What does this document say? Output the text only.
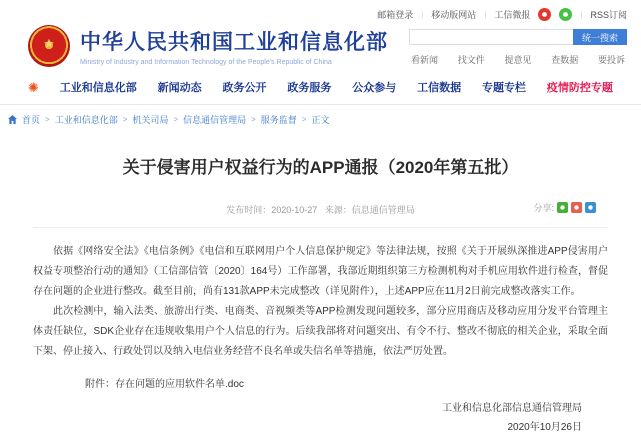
邮箱登录 | 移动版网站 | 工信微报	| RSS订阅
★ 中华人民共和国工业和信息化部
Ministry of Industry and Information Technology of the People's Republic of China
统一搜索
看新闻 找文件 提意见 查数据 要投诉
✺ 工业和信息化部 新闻动态 政务公开 政务服务 公众参与 工信数据 专题专栏 疫情防控专题
首页 > 工业和信息化部 > 机关司局 > 信息通信管理局 > 服务监督 > 正文
关于侵害用户权益行为的APP通报（2020年第五批）
发布时间：2020-10-27 来源：信息通信管理局	分享:

依据《网络安全法》《电信条例》《电信和互联网用户个人信息保护规定》等法律法规，按照《关于开展纵深推进APP侵害用户权益专项整治行动的通知》（工信部信管〔2020〕164号）工作部署，我部近期组织第三方检测机构对手机应用软件进行检查，督促存在问题的企业进行整改。截至目前，尚有131款APP未完成整改（详见附件），上述APP应在11月2日前完成整改落实工作。

此次检测中，输入法类、旅游出行类、电商类、音视频类等APP检测发现问题较多，部分应用商店及移动应用分发平台管理主体责任缺位，SDK企业存在违规收集用户个人信息的行为。后续我部将对问题突出、有令不行、整改不彻底的相关企业，采取全面下架、停止接入、行政处罚以及纳入电信业务经营不良名单或失信名单等措施，依法严厉处置。

附件：存在问题的应用软件名单.doc
工业和信息化部信息通信管理局
2020年10月26日
